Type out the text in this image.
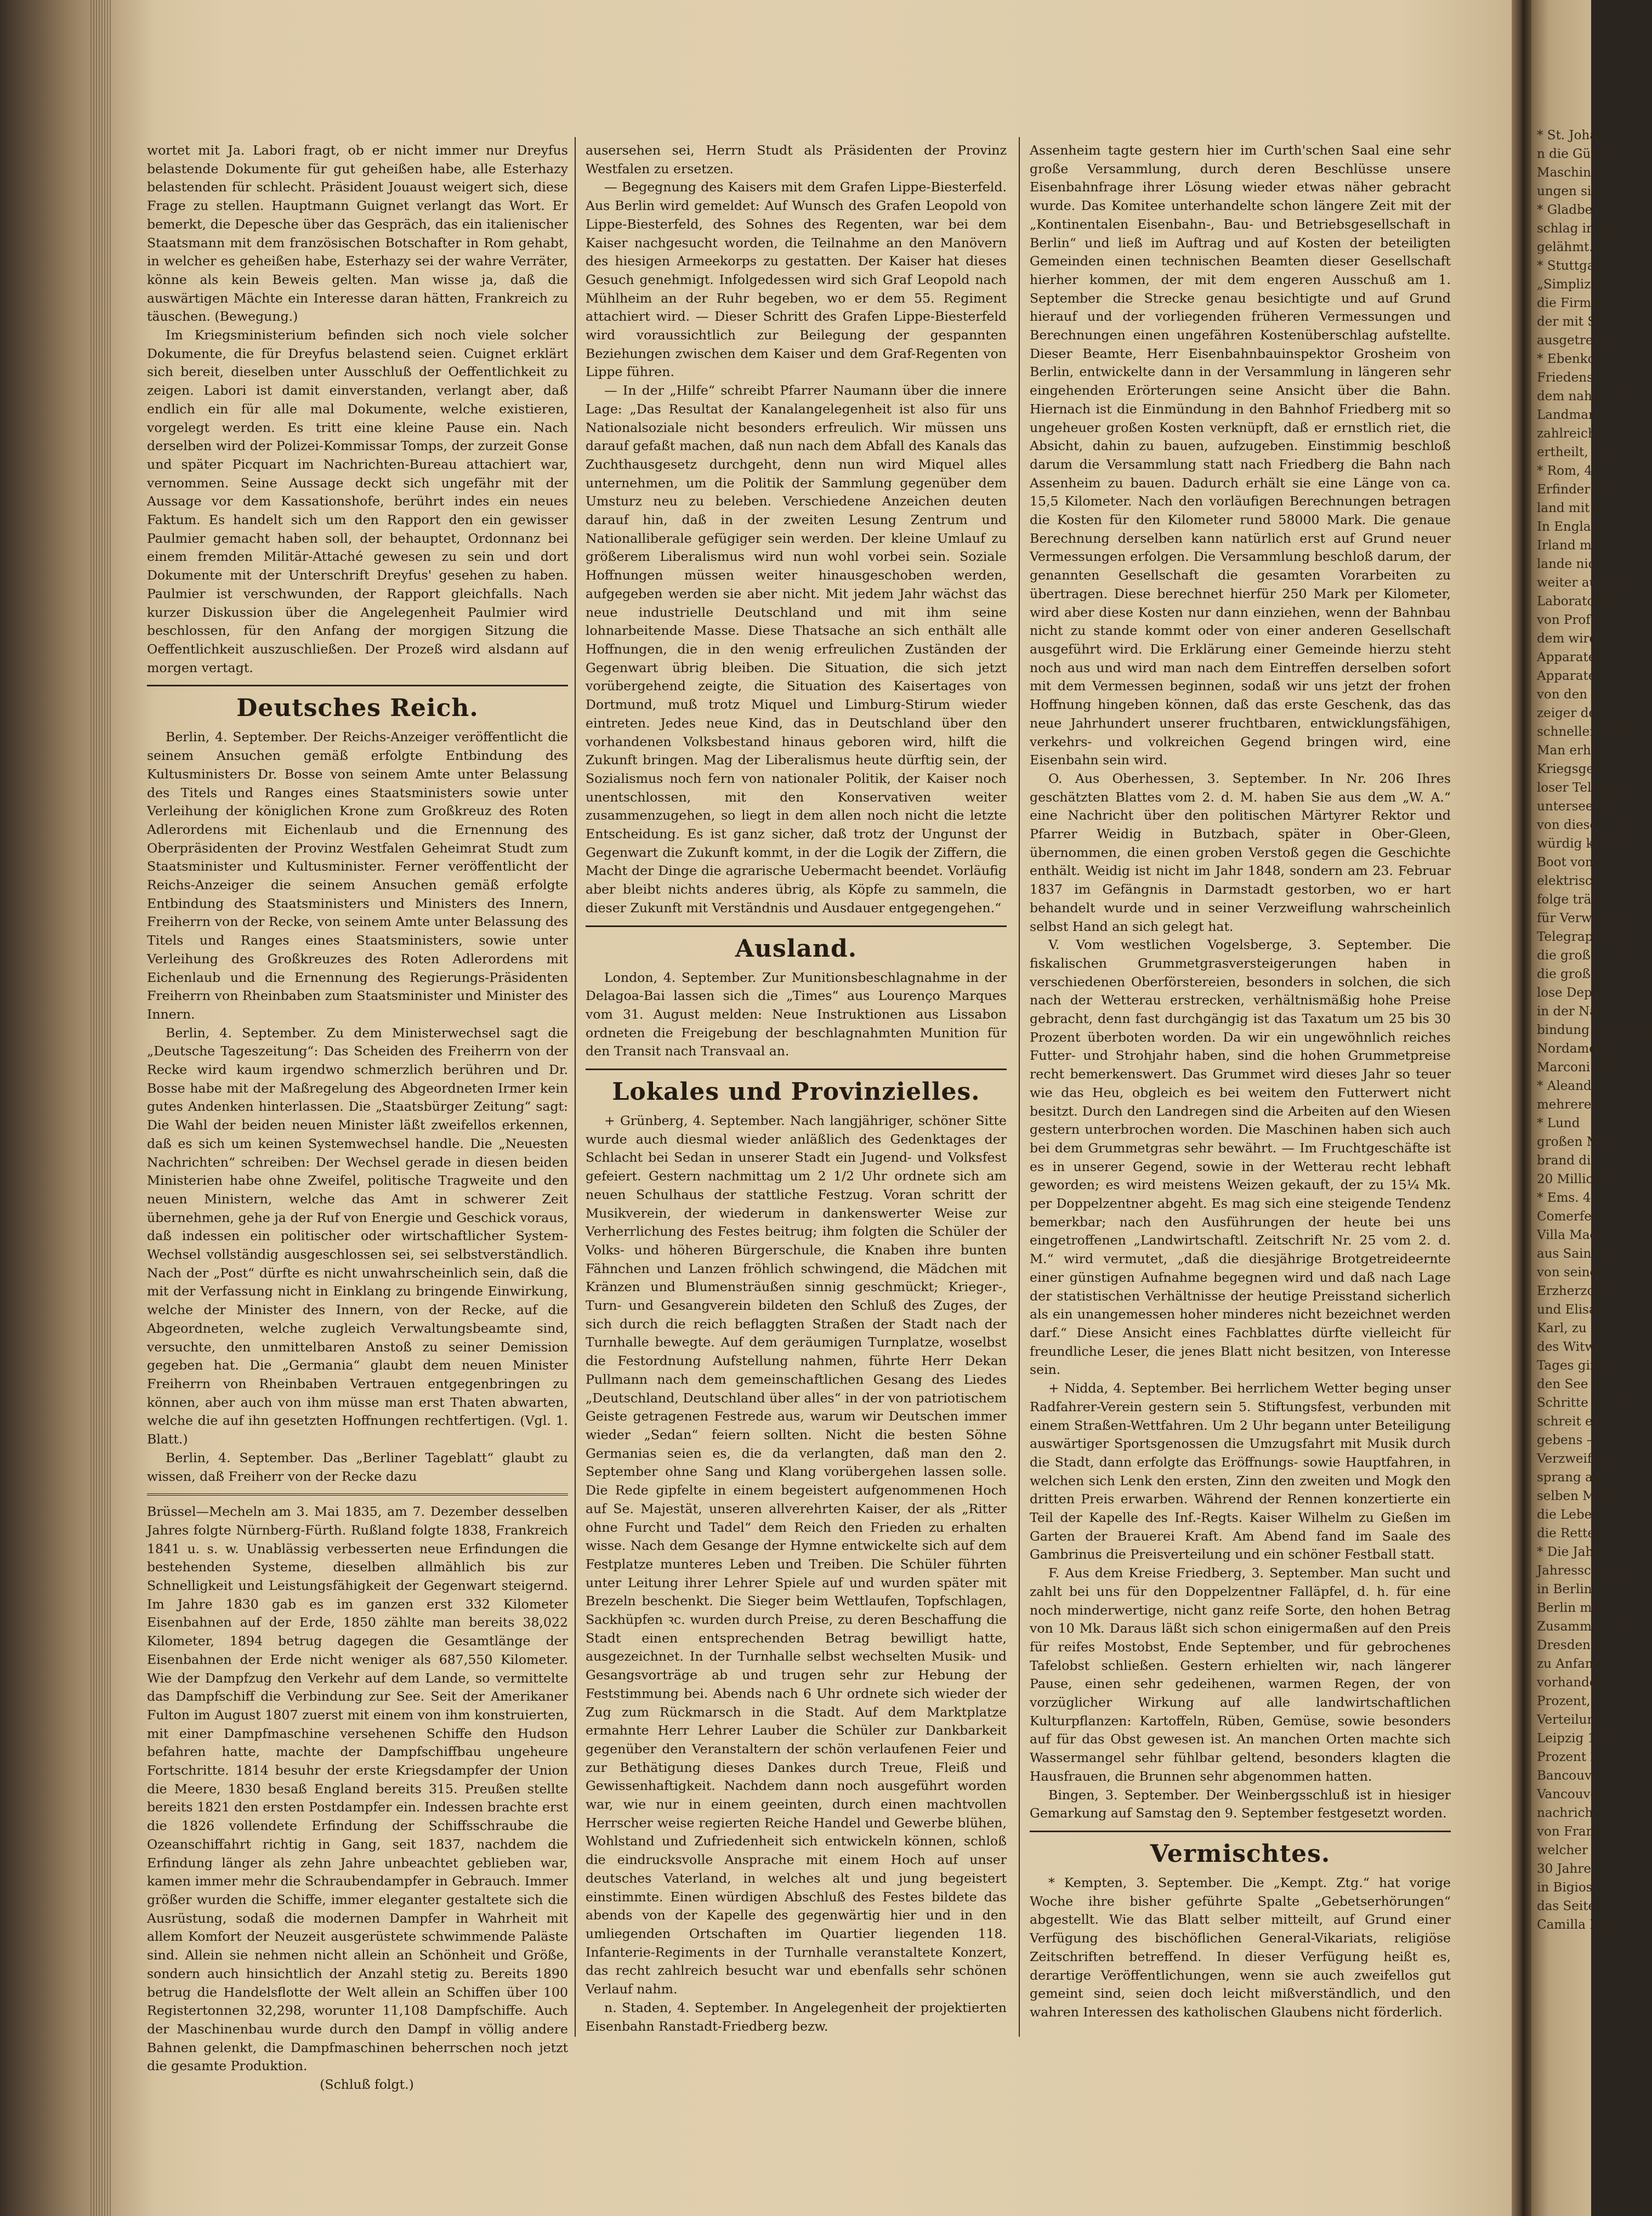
wortet mit Ja. Labori fragt, ob er nicht immer nur Dreyfus belastende Dokumente für gut geheißen habe, alle Esterhazy belastenden für schlecht. Präsident Jouaust weigert sich, diese Frage zu stellen. Hauptmann Guignet verlangt das Wort. Er bemerkt, die Depesche über das Gespräch, das ein italienischer Staatsmann mit dem französischen Botschafter in Rom gehabt, in welcher es geheißen habe, Esterhazy sei der wahre Verräter, könne als kein Beweis gelten. Man wisse ja, daß die auswärtigen Mächte ein Interesse daran hätten, Frankreich zu täuschen. (Bewegung.)

Im Kriegsministerium befinden sich noch viele solcher Dokumente, die für Dreyfus belastend seien. Cuignet erklärt sich bereit, dieselben unter Ausschluß der Oeffentlichkeit zu zeigen. Labori ist damit einverstanden, verlangt aber, daß endlich ein für alle mal Dokumente, welche existieren, vorgelegt werden. Es tritt eine kleine Pause ein. Nach derselben wird der Polizei-Kommissar Tomps, der zurzeit Gonse und später Picquart im Nachrichten-Bureau attachiert war, vernommen. Seine Aussage deckt sich ungefähr mit der Aussage vor dem Kassationshofe, berührt indes ein neues Faktum. Es handelt sich um den Rapport den ein gewisser Paulmier gemacht haben soll, der behauptet, Ordonnanz bei einem fremden Militär-Attaché gewesen zu sein und dort Dokumente mit der Unterschrift Dreyfus' gesehen zu haben. Paulmier ist verschwunden, der Rapport gleichfalls. Nach kurzer Diskussion über die Angelegenheit Paulmier wird beschlossen, für den Anfang der morgigen Sitzung die Oeffentlichkeit auszuschließen. Der Prozeß wird alsdann auf morgen vertagt.

Deutsches Reich.

Berlin, 4. September. Der Reichs-Anzeiger veröffentlicht die seinem Ansuchen gemäß erfolgte Entbindung des Kultusministers Dr. Bosse von seinem Amte unter Belassung des Titels und Ranges eines Staatsministers sowie unter Verleihung der königlichen Krone zum Großkreuz des Roten Adlerordens mit Eichenlaub und die Ernennung des Oberpräsidenten der Provinz Westfalen Geheimrat Studt zum Staatsminister und Kultusminister. Ferner veröffentlicht der Reichs-Anzeiger die seinem Ansuchen gemäß erfolgte Entbindung des Staatsministers und Ministers des Innern, Freiherrn von der Recke, von seinem Amte unter Belassung des Titels und Ranges eines Staatsministers, sowie unter Verleihung des Großkreuzes des Roten Adlerordens mit Eichenlaub und die Ernennung des Regierungs-Präsidenten Freiherrn von Rheinbaben zum Staatsminister und Minister des Innern.

Berlin, 4. September. Zu dem Ministerwechsel sagt die „Deutsche Tageszeitung“: Das Scheiden des Freiherrn von der Recke wird kaum irgendwo schmerzlich berühren und Dr. Bosse habe mit der Maßregelung des Abgeordneten Irmer kein gutes Andenken hinterlassen. Die „Staatsbürger Zeitung“ sagt: Die Wahl der beiden neuen Minister läßt zweifellos erkennen, daß es sich um keinen Systemwechsel handle. Die „Neuesten Nachrichten“ schreiben: Der Wechsel gerade in diesen beiden Ministerien habe ohne Zweifel, politische Tragweite und den neuen Ministern, welche das Amt in schwerer Zeit übernehmen, gehe ja der Ruf von Energie und Geschick voraus, daß indessen ein politischer oder wirtschaftlicher System-Wechsel vollständig ausgeschlossen sei, sei selbstverständlich. Nach der „Post“ dürfte es nicht unwahrscheinlich sein, daß die mit der Verfassung nicht in Einklang zu bringende Einwirkung, welche der Minister des Innern, von der Recke, auf die Abgeordneten, welche zugleich Verwaltungsbeamte sind, versuchte, den unmittelbaren Anstoß zu seiner Demission gegeben hat. Die „Germania“ glaubt dem neuen Minister Freiherrn von Rheinbaben Vertrauen entgegenbringen zu können, aber auch von ihm müsse man erst Thaten abwarten, welche die auf ihn gesetzten Hoffnungen rechtfertigen. (Vgl. 1. Blatt.)

Berlin, 4. September. Das „Berliner Tageblatt“ glaubt zu wissen, daß Freiherr von der Recke dazu

Brüssel—Mecheln am 3. Mai 1835, am 7. Dezember desselben Jahres folgte Nürnberg-Fürth. Rußland folgte 1838, Frankreich 1841 u. s. w. Unablässig verbesserten neue Erfindungen die bestehenden Systeme, dieselben allmählich bis zur Schnelligkeit und Leistungsfähigkeit der Gegenwart steigernd. Im Jahre 1830 gab es im ganzen erst 332 Kilometer Eisenbahnen auf der Erde, 1850 zählte man bereits 38,022 Kilometer, 1894 betrug dagegen die Gesamtlänge der Eisenbahnen der Erde nicht weniger als 687,550 Kilometer. Wie der Dampfzug den Verkehr auf dem Lande, so vermittelte das Dampfschiff die Verbindung zur See. Seit der Amerikaner Fulton im August 1807 zuerst mit einem von ihm konstruierten, mit einer Dampfmaschine versehenen Schiffe den Hudson befahren hatte, machte der Dampfschiffbau ungeheure Fortschritte. 1814 besuhr der erste Kriegsdampfer der Union die Meere, 1830 besaß England bereits 315. Preußen stellte bereits 1821 den ersten Postdampfer ein. Indessen brachte erst die 1826 vollendete Erfindung der Schiffsschraube die Ozeanschiffahrt richtig in Gang, seit 1837, nachdem die Erfindung länger als zehn Jahre unbeachtet geblieben war, kamen immer mehr die Schraubendampfer in Gebrauch. Immer größer wurden die Schiffe, immer eleganter gestaltete sich die Ausrüstung, sodaß die modernen Dampfer in Wahrheit mit allem Komfort der Neuzeit ausgerüstete schwimmende Paläste sind. Allein sie nehmen nicht allein an Schönheit und Größe, sondern auch hinsichtlich der Anzahl stetig zu. Bereits 1890 betrug die Handelsflotte der Welt allein an Schiffen über 100 Registertonnen 32,298, worunter 11,108 Dampfschiffe. Auch der Maschinenbau wurde durch den Dampf in völlig andere Bahnen gelenkt, die Dampfmaschinen beherrschen noch jetzt die gesamte Produktion.

(Schluß folgt.)

ausersehen sei, Herrn Studt als Präsidenten der Provinz Westfalen zu ersetzen.

— Begegnung des Kaisers mit dem Grafen Lippe-Biesterfeld. Aus Berlin wird gemeldet: Auf Wunsch des Grafen Leopold von Lippe-Biesterfeld, des Sohnes des Regenten, war bei dem Kaiser nachgesucht worden, die Teilnahme an den Manövern des hiesigen Armeekorps zu gestatten. Der Kaiser hat dieses Gesuch genehmigt. Infolgedessen wird sich Graf Leopold nach Mühlheim an der Ruhr begeben, wo er dem 55. Regiment attachiert wird. — Dieser Schritt des Grafen Lippe-Biesterfeld wird voraussichtlich zur Beilegung der gespannten Beziehungen zwischen dem Kaiser und dem Graf-Regenten von Lippe führen.

— In der „Hilfe“ schreibt Pfarrer Naumann über die innere Lage: „Das Resultat der Kanalangelegenheit ist also für uns Nationalsoziale nicht besonders erfreulich. Wir müssen uns darauf gefaßt machen, daß nun nach dem Abfall des Kanals das Zuchthausgesetz durchgeht, denn nun wird Miquel alles unternehmen, um die Politik der Sammlung gegenüber dem Umsturz neu zu beleben. Verschiedene Anzeichen deuten darauf hin, daß in der zweiten Lesung Zentrum und Nationalliberale gefügiger sein werden. Der kleine Umlauf zu größerem Liberalismus wird nun wohl vorbei sein. Soziale Hoffnungen müssen weiter hinausgeschoben werden, aufgegeben werden sie aber nicht. Mit jedem Jahr wächst das neue industrielle Deutschland und mit ihm seine lohnarbeitende Masse. Diese Thatsache an sich enthält alle Hoffnungen, die in den wenig erfreulichen Zuständen der Gegenwart übrig bleiben. Die Situation, die sich jetzt vorübergehend zeigte, die Situation des Kaisertages von Dortmund, muß trotz Miquel und Limburg-Stirum wieder eintreten. Jedes neue Kind, das in Deutschland über den vorhandenen Volksbestand hinaus geboren wird, hilft die Zukunft bringen. Mag der Liberalismus heute dürftig sein, der Sozialismus noch fern von nationaler Politik, der Kaiser noch unentschlossen, mit den Konservativen weiter zusammenzugehen, so liegt in dem allen noch nicht die letzte Entscheidung. Es ist ganz sicher, daß trotz der Ungunst der Gegenwart die Zukunft kommt, in der die Logik der Ziffern, die Macht der Dinge die agrarische Uebermacht beendet. Vorläufig aber bleibt nichts anderes übrig, als Köpfe zu sammeln, die dieser Zukunft mit Verständnis und Ausdauer entgegengehen.“

Ausland.

London, 4. September. Zur Munitionsbeschlagnahme in der Delagoa-Bai lassen sich die „Times“ aus Lourenço Marques vom 31. August melden: Neue Instruktionen aus Lissabon ordneten die Freigebung der beschlagnahmten Munition für den Transit nach Transvaal an.

Lokales und Provinzielles.

+ Grünberg, 4. September. Nach langjähriger, schöner Sitte wurde auch diesmal wieder anläßlich des Gedenktages der Schlacht bei Sedan in unserer Stadt ein Jugend- und Volksfest gefeiert. Gestern nachmittag um 2 1/2 Uhr ordnete sich am neuen Schulhaus der stattliche Festzug. Voran schritt der Musikverein, der wiederum in dankenswerter Weise zur Verherrlichung des Festes beitrug; ihm folgten die Schüler der Volks- und höheren Bürgerschule, die Knaben ihre bunten Fähnchen und Lanzen fröhlich schwingend, die Mädchen mit Kränzen und Blumensträußen sinnig geschmückt; Krieger-, Turn- und Gesangverein bildeten den Schluß des Zuges, der sich durch die reich beflaggten Straßen der Stadt nach der Turnhalle bewegte. Auf dem geräumigen Turnplatze, woselbst die Festordnung Aufstellung nahmen, führte Herr Dekan Pullmann nach dem gemeinschaftlichen Gesang des Liedes „Deutschland, Deutschland über alles“ in der von patriotischem Geiste getragenen Festrede aus, warum wir Deutschen immer wieder „Sedan“ feiern sollten. Nicht die besten Söhne Germanias seien es, die da verlangten, daß man den 2. September ohne Sang und Klang vorübergehen lassen solle. Die Rede gipfelte in einem begeistert aufgenommenen Hoch auf Se. Majestät, unseren allverehrten Kaiser, der als „Ritter ohne Furcht und Tadel“ dem Reich den Frieden zu erhalten wisse. Nach dem Gesange der Hymne entwickelte sich auf dem Festplatze munteres Leben und Treiben. Die Schüler führten unter Leitung ihrer Lehrer Spiele auf und wurden später mit Brezeln beschenkt. Die Sieger beim Wettlaufen, Topfschlagen, Sackhüpfen ꝛc. wurden durch Preise, zu deren Beschaffung die Stadt einen entsprechenden Betrag bewilligt hatte, ausgezeichnet. In der Turnhalle selbst wechselten Musik- und Gesangsvorträge ab und trugen sehr zur Hebung der Feststimmung bei. Abends nach 6 Uhr ordnete sich wieder der Zug zum Rückmarsch in die Stadt. Auf dem Marktplatze ermahnte Herr Lehrer Lauber die Schüler zur Dankbarkeit gegenüber den Veranstaltern der schön verlaufenen Feier und zur Bethätigung dieses Dankes durch Treue, Fleiß und Gewissenhaftigkeit. Nachdem dann noch ausgeführt worden war, wie nur in einem geeinten, durch einen machtvollen Herrscher weise regierten Reiche Handel und Gewerbe blühen, Wohlstand und Zufriedenheit sich entwickeln können, schloß die eindrucksvolle Ansprache mit einem Hoch auf unser deutsches Vaterland, in welches alt und jung begeistert einstimmte. Einen würdigen Abschluß des Festes bildete das abends von der Kapelle des gegenwärtig hier und in den umliegenden Ortschaften im Quartier liegenden 118. Infanterie-Regiments in der Turnhalle veranstaltete Konzert, das recht zahlreich besucht war und ebenfalls sehr schönen Verlauf nahm.

n. Staden, 4. September. In Angelegenheit der projektierten Eisenbahn Ranstadt-Friedberg bezw.

Assenheim tagte gestern hier im Curth'schen Saal eine sehr große Versammlung, durch deren Beschlüsse unsere Eisenbahnfrage ihrer Lösung wieder etwas näher gebracht wurde. Das Komitee unterhandelte schon längere Zeit mit der „Kontinentalen Eisenbahn-, Bau- und Betriebsgesellschaft in Berlin“ und ließ im Auftrag und auf Kosten der beteiligten Gemeinden einen technischen Beamten dieser Gesellschaft hierher kommen, der mit dem engeren Ausschuß am 1. September die Strecke genau besichtigte und auf Grund hierauf und der vorliegenden früheren Vermessungen und Berechnungen einen ungefähren Kostenüberschlag aufstellte. Dieser Beamte, Herr Eisenbahnbauinspektor Grosheim von Berlin, entwickelte dann in der Versammlung in längeren sehr eingehenden Erörterungen seine Ansicht über die Bahn. Hiernach ist die Einmündung in den Bahnhof Friedberg mit so ungeheuer großen Kosten verknüpft, daß er ernstlich riet, die Absicht, dahin zu bauen, aufzugeben. Einstimmig beschloß darum die Versammlung statt nach Friedberg die Bahn nach Assenheim zu bauen. Dadurch erhält sie eine Länge von ca. 15,5 Kilometer. Nach den vorläufigen Berechnungen betragen die Kosten für den Kilometer rund 58000 Mark. Die genaue Berechnung derselben kann natürlich erst auf Grund neuer Vermessungen erfolgen. Die Versammlung beschloß darum, der genannten Gesellschaft die gesamten Vorarbeiten zu übertragen. Diese berechnet hierfür 250 Mark per Kilometer, wird aber diese Kosten nur dann einziehen, wenn der Bahnbau nicht zu stande kommt oder von einer anderen Gesellschaft ausgeführt wird. Die Erklärung einer Gemeinde hierzu steht noch aus und wird man nach dem Eintreffen derselben sofort mit dem Vermessen beginnen, sodaß wir uns jetzt der frohen Hoffnung hingeben können, daß das erste Geschenk, das das neue Jahrhundert unserer fruchtbaren, entwicklungsfähigen, verkehrs- und volkreichen Gegend bringen wird, eine Eisenbahn sein wird.

O. Aus Oberhessen, 3. September. In Nr. 206 Ihres geschätzten Blattes vom 2. d. M. haben Sie aus dem „W. A.“ eine Nachricht über den politischen Märtyrer Rektor und Pfarrer Weidig in Butzbach, später in Ober-Gleen, übernommen, die einen groben Verstoß gegen die Geschichte enthält. Weidig ist nicht im Jahr 1848, sondern am 23. Februar 1837 im Gefängnis in Darmstadt gestorben, wo er hart behandelt wurde und in seiner Verzweiflung wahrscheinlich selbst Hand an sich gelegt hat.

V. Vom westlichen Vogelsberge, 3. September. Die fiskalischen Grummetgrasversteigerungen haben in verschiedenen Oberförstereien, besonders in solchen, die sich nach der Wetterau erstrecken, verhältnismäßig hohe Preise gebracht, denn fast durchgängig ist das Taxatum um 25 bis 30 Prozent überboten worden. Da wir ein ungewöhnlich reiches Futter- und Strohjahr haben, sind die hohen Grummetpreise recht bemerkenswert. Das Grummet wird dieses Jahr so teuer wie das Heu, obgleich es bei weitem den Futterwert nicht besitzt. Durch den Landregen sind die Arbeiten auf den Wiesen gestern unterbrochen worden. Die Maschinen haben sich auch bei dem Grummetgras sehr bewährt. — Im Fruchtgeschäfte ist es in unserer Gegend, sowie in der Wetterau recht lebhaft geworden; es wird meistens Weizen gekauft, der zu 15¼ Mk. per Doppelzentner abgeht. Es mag sich eine steigende Tendenz bemerkbar; nach den Ausführungen der heute bei uns eingetroffenen „Landwirtschaftl. Zeitschrift Nr. 25 vom 2. d. M.“ wird vermutet, „daß die diesjährige Brotgetreideernte einer günstigen Aufnahme begegnen wird und daß nach Lage der statistischen Verhältnisse der heutige Preisstand sicherlich als ein unangemessen hoher minderes nicht bezeichnet werden darf.“ Diese Ansicht eines Fachblattes dürfte vielleicht für freundliche Leser, die jenes Blatt nicht besitzen, von Interesse sein.

+ Nidda, 4. September. Bei herrlichem Wetter beging unser Radfahrer-Verein gestern sein 5. Stiftungsfest, verbunden mit einem Straßen-Wettfahren. Um 2 Uhr begann unter Beteiligung auswärtiger Sportsgenossen die Umzugsfahrt mit Musik durch die Stadt, dann erfolgte das Eröffnungs- sowie Hauptfahren, in welchen sich Lenk den ersten, Zinn den zweiten und Mogk den dritten Preis erwarben. Während der Rennen konzertierte ein Teil der Kapelle des Inf.-Regts. Kaiser Wilhelm zu Gießen im Garten der Brauerei Kraft. Am Abend fand im Saale des Gambrinus die Preisverteilung und ein schöner Festball statt.

F. Aus dem Kreise Friedberg, 3. September. Man sucht und zahlt bei uns für den Doppelzentner Falläpfel, d. h. für eine noch minderwertige, nicht ganz reife Sorte, den hohen Betrag von 10 Mk. Daraus läßt sich schon einigermaßen auf den Preis für reifes Mostobst, Ende September, und für gebrochenes Tafelobst schließen. Gestern erhielten wir, nach längerer Pause, einen sehr gedeihenen, warmen Regen, der von vorzüglicher Wirkung auf alle landwirtschaftlichen Kulturpflanzen: Kartoffeln, Rüben, Gemüse, sowie besonders auf für das Obst gewesen ist. An manchen Orten machte sich Wassermangel sehr fühlbar geltend, besonders klagten die Hausfrauen, die Brunnen sehr abgenommen hatten.

Bingen, 3. September. Der Weinbergsschluß ist in hiesiger Gemarkung auf Samstag den 9. September festgesetzt worden.

Vermischtes.

* Kempten, 3. September. Die „Kempt. Ztg.“ hat vorige Woche ihre bisher geführte Spalte „Gebetserhörungen“ abgestellt. Wie das Blatt selber mitteilt, auf Grund einer Verfügung des bischöflichen General-Vikariats, religiöse Zeitschriften betreffend. In dieser Verfügung heißt es, derartige Veröffentlichungen, wenn sie auch zweifellos gut gemeint sind, seien doch leicht mißverständlich, und den wahren Interessen des katholischen Glaubens nicht förderlich.

* St. Joha
n die Güterbe
Maschine ein
ungen sind schr
* Gladbe
schlag in Nerb
gelähmt.
* Stuttgart
„Simplizissi
die Firma St
der mit Strecke
ausgetreten.
* Ebenkob
Friedens-
dem nahen We
Landmann
zahlreicher Gem
ertheilt, den
* Rom, 4.
Erfinder der
land mit der
In England sin
Irland mit
lande nicht
weiter auszubil
Laboratorium
von Professor
dem wird in
Apparaten M
Apparate von
von den 60
zeiger den
schneller Fahrt
Man erhofft
Kriegsgeschwade
loser Telegraph
unterseeische
von dieser Teleg
würdig kleinen
Boot von Lan
elektrischer W
folge trägt
für Verwendung
Telegraphenam
die großen Sch
die großen
lose Depeschen
in der Nähe
bindung zwischen
Nordamerika
Marconi bin
* Aleand
mehrere Pers
* Lund
großen Magaz
brand die
20 Millionen
* Ems. 4
Comerfee hat
Villa Mack
aus Saint M
von seiner Sch
Erzherzogin
und Elisabeth,
Karl, zu sein
des Witwe
Tages gingen
den See flü
Schritte in dem
schreit empfa
gebens —
Verzweiflung
sprang auf
selben Mädch
die Lebens
die Retterin
* Die Jahre
Jahresschlüsse
in Berlin
Berlin mit
Zusammenstell
Dresden vorha
zu Anfang
vorhandene
Prozent, in
Verteilung
Leipzig 1,52
Prozent Zuna
Bancouver
Vancouvers
nachricht
von Franks
welcher in
30 Jahre
in Bigios
das Seite Bri
Camilla Espinoza
